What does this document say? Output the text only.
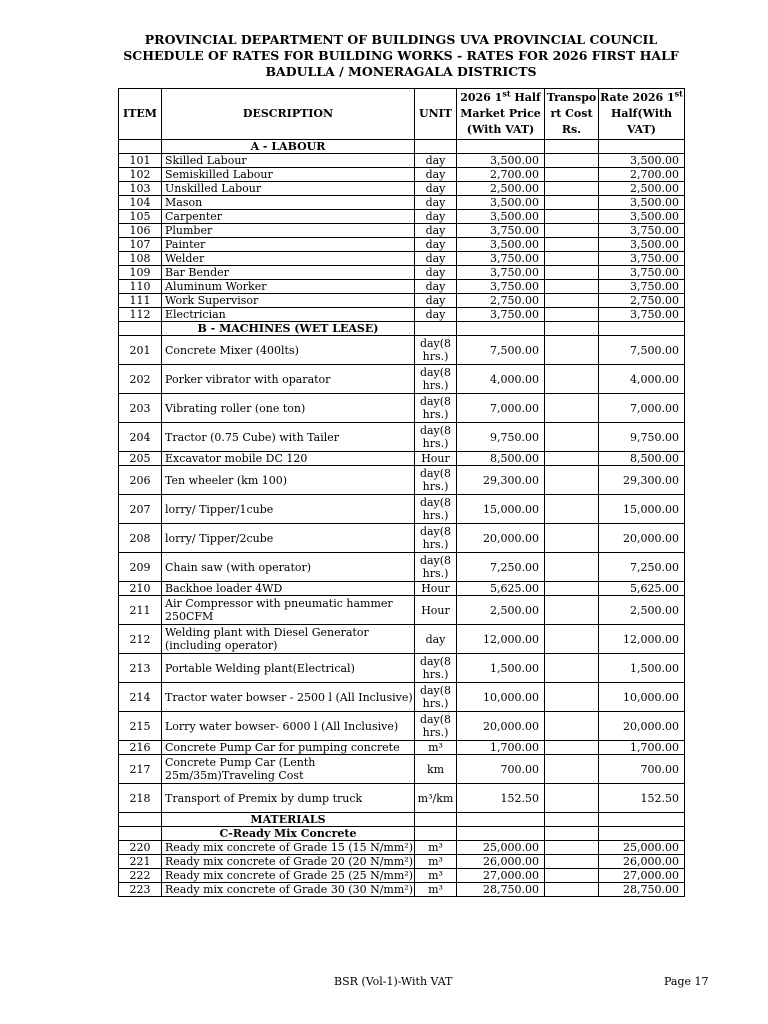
PROVINCIAL DEPARTMENT OF BUILDINGS UVA PROVINCIAL COUNCIL
SCHEDULE OF RATES FOR BUILDING WORKS - RATES FOR 2026 FIRST HALF
BADULLA / MONERAGALA DISTRICTS
ITEM	DESCRIPTION	UNIT	2026 1st Half Market Price (With VAT)	Transpo rt Cost Rs.	Rate 2026 1st Half(With VAT)
	A - LABOUR				
101	Skilled Labour	day	3,500.00		3,500.00
102	Semiskilled Labour	day	2,700.00		2,700.00
103	Unskilled Labour	day	2,500.00		2,500.00
104	Mason	day	3,500.00		3,500.00
105	Carpenter	day	3,500.00		3,500.00
106	Plumber	day	3,750.00		3,750.00
107	Painter	day	3,500.00		3,500.00
108	Welder	day	3,750.00		3,750.00
109	Bar Bender	day	3,750.00		3,750.00
110	Aluminum Worker	day	3,750.00		3,750.00
111	Work Supervisor	day	2,750.00		2,750.00
112	Electrician	day	3,750.00		3,750.00
	B - MACHINES (WET LEASE)				
201	Concrete Mixer (400lts)	day(8 hrs.)	7,500.00		7,500.00
202	Porker vibrator with oparator	day(8 hrs.)	4,000.00		4,000.00
203	Vibrating roller (one ton)	day(8 hrs.)	7,000.00		7,000.00
204	Tractor (0.75 Cube) with Tailer	day(8 hrs.)	9,750.00		9,750.00
205	Excavator mobile DC 120	Hour	8,500.00		8,500.00
206	Ten wheeler (km 100)	day(8 hrs.)	29,300.00		29,300.00
207	lorry/ Tipper/1cube	day(8 hrs.)	15,000.00		15,000.00
208	lorry/ Tipper/2cube	day(8 hrs.)	20,000.00		20,000.00
209	Chain saw (with operator)	day(8 hrs.)	7,250.00		7,250.00
210	Backhoe loader 4WD	Hour	5,625.00		5,625.00
211	Air Compressor with pneumatic hammer 250CFM	Hour	2,500.00		2,500.00
212	Welding plant with Diesel Generator (including operator)	day	12,000.00		12,000.00
213	Portable Welding plant(Electrical)	day(8 hrs.)	1,500.00		1,500.00
214	Tractor water bowser - 2500 l (All Inclusive)	day(8 hrs.)	10,000.00		10,000.00
215	Lorry water bowser- 6000 l (All Inclusive)	day(8 hrs.)	20,000.00		20,000.00
216	Concrete Pump Car for pumping concrete	m³	1,700.00		1,700.00
217	Concrete Pump Car (Lenth 25m/35m)Traveling Cost	km	700.00		700.00
218	Transport of Premix by dump truck	m³/km	152.50		152.50
	MATERIALS				
	C-Ready Mix Concrete				
220	Ready mix concrete of Grade 15 (15 N/mm²)	m³	25,000.00		25,000.00
221	Ready mix concrete of Grade 20 (20 N/mm²)	m³	26,000.00		26,000.00
222	Ready mix concrete of Grade 25 (25 N/mm²)	m³	27,000.00		27,000.00
223	Ready mix concrete of Grade 30 (30 N/mm²)	m³	28,750.00		28,750.00
BSR (Vol-1)-With VAT	Page 17
